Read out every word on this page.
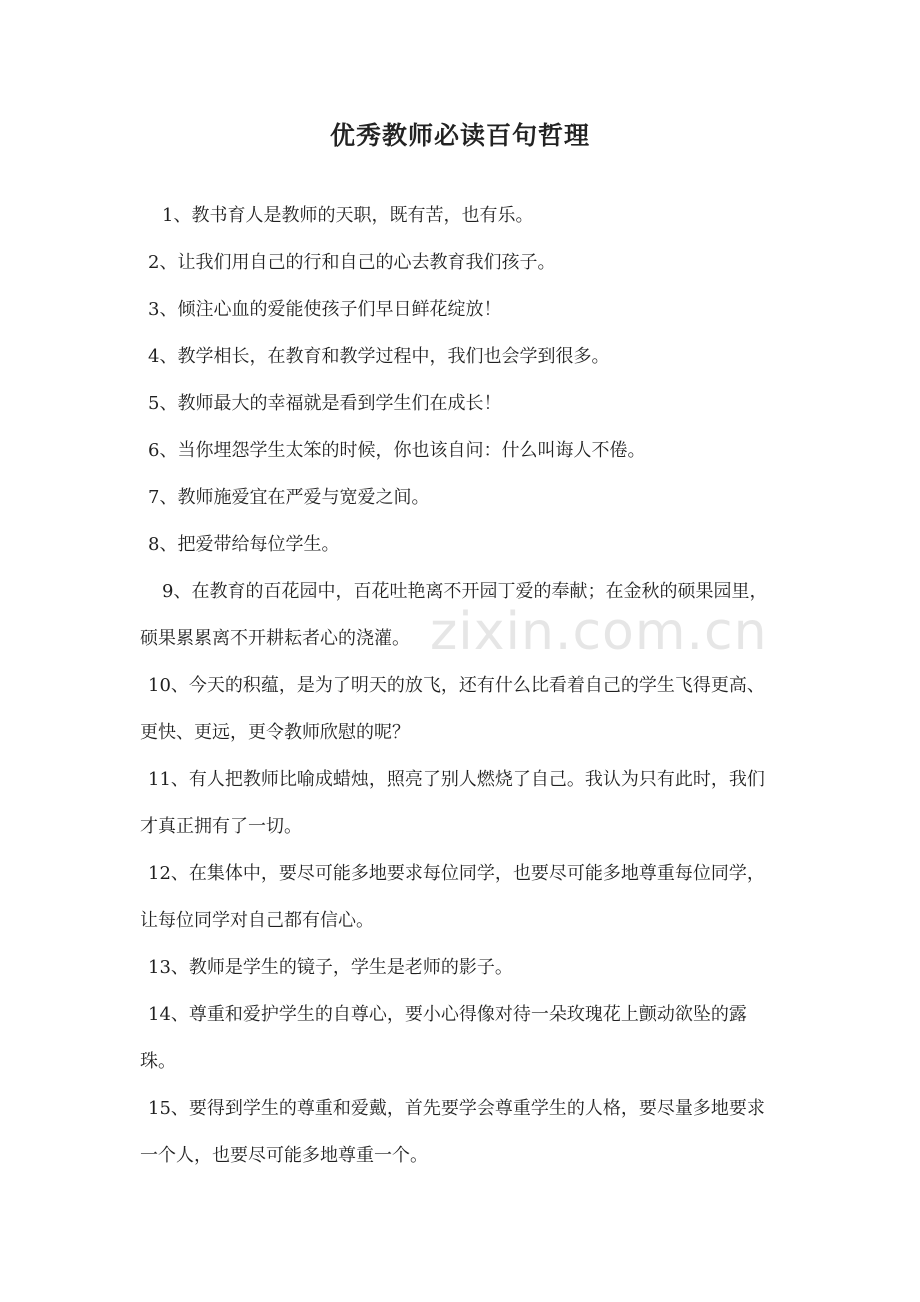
zixin.com.cn
优秀教师必读百句哲理

1、教书育人是教师的天职，既有苦，也有乐。

2、让我们用自己的行和自己的心去教育我们孩子。

3、倾注心血的爱能使孩子们早日鲜花绽放！

4、教学相长，在教育和教学过程中，我们也会学到很多。

5、教师最大的幸福就是看到学生们在成长！

6、当你埋怨学生太笨的时候，你也该自问：什么叫诲人不倦。

7、教师施爱宜在严爱与宽爱之间。

8、把爱带给每位学生。

9、在教育的百花园中，百花吐艳离不开园丁爱的奉献；在金秋的硕果园里，硕果累累离不开耕耘者心的浇灌。

10、今天的积蕴，是为了明天的放飞，还有什么比看着自己的学生飞得更高、更快、更远，更令教师欣慰的呢？

11、有人把教师比喻成蜡烛，照亮了别人燃烧了自己。我认为只有此时，我们才真正拥有了一切。

12、在集体中，要尽可能多地要求每位同学，也要尽可能多地尊重每位同学，让每位同学对自己都有信心。

13、教师是学生的镜子，学生是老师的影子。

14、尊重和爱护学生的自尊心，要小心得像对待一朵玫瑰花上颤动欲坠的露珠。

15、要得到学生的尊重和爱戴，首先要学会尊重学生的人格，要尽量多地要求一个人，也要尽可能多地尊重一个。
